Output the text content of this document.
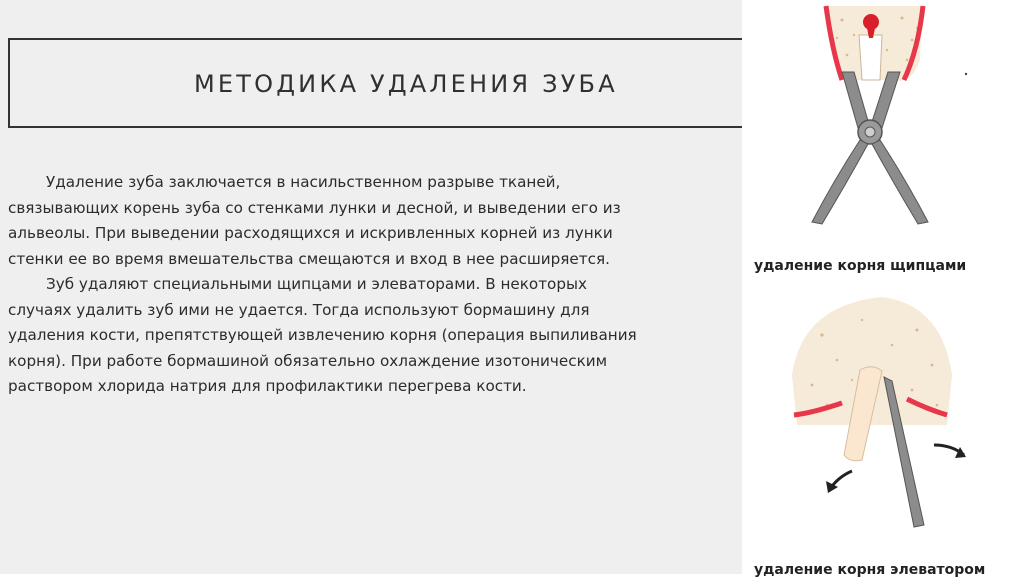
МЕТОДИКА УДАЛЕНИЯ ЗУБА

Удаление зуба заключается в насильственном разрыве тканей, связывающих корень зуба со стенками лунки и десной, и выведении его из альвеолы. При выведении расходящихся и искривленных корней из лунки стенки ее во время вмешательства смещаются и вход в нее расширяется.

Зуб удаляют специальными щипцами и элеваторами. В некоторых случаях удалить зуб ими не удается. Тогда используют бормашину для удаления кости, препятствующей извлечению корня (операция выпиливания корня). При работе бормашиной обязательно охлаждение изотоническим раствором хлорида натрия для профилактики перегрева кости.

удаление корня щипцами
удаление корня элеватором
